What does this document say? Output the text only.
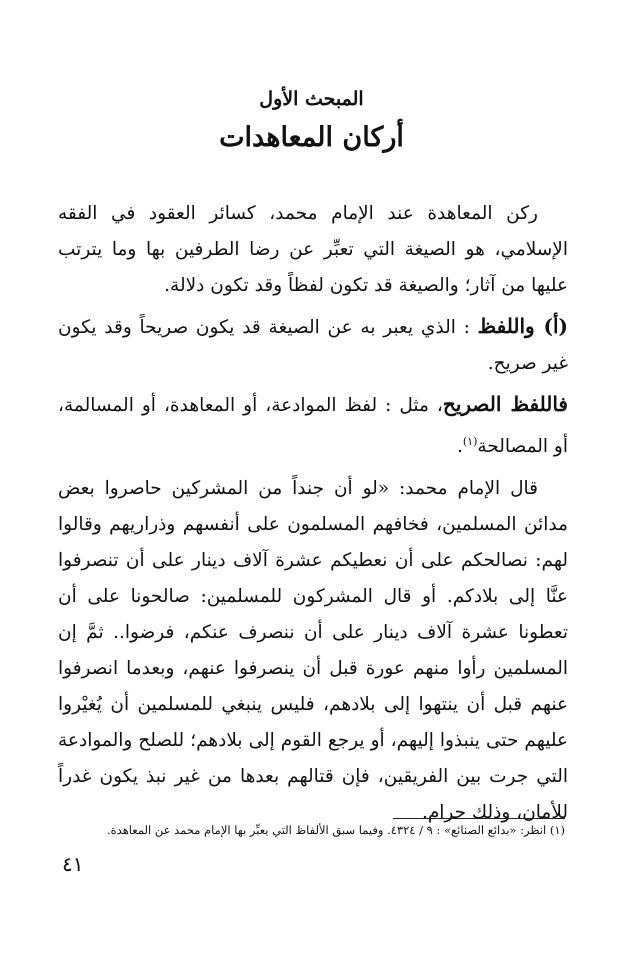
المبحث الأول
أركان المعاهدات

ركن المعاهدة عند الإمام محمد، كسائر العقود في الفقه الإسلامي، هو الصيغة التي تعبِّر عن رضا الطرفين بها وما يترتب عليها من آثار؛ والصيغة قد تكون لفظاً وقد تكون دلالة.

(أ) واللفظ : الذي يعبر به عن الصيغة قد يكون صريحاً وقد يكون غير صريح.

فاللفظ الصريح، مثل : لفظ الموادعة، أو المعاهدة، أو المسالمة، أو المصالحة$^{(١)}$.

قال الإمام محمد: «لو أن جنداً من المشركين حاصروا بعض مدائن المسلمين، فخافهم المسلمون على أنفسهم وذراريهم وقالوا لهم: نصالحكم على أن نعطيكم عشرة آلاف دينار على أن تنصرفوا عنَّا إلى بلادكم. أو قال المشركون للمسلمين: صالحونا على أن تعطونا عشرة آلاف دينار على أن ننصرف عنكم، فرضوا.. ثمَّ إن المسلمين رأوا منهم عورة قبل أن ينصرفوا عنهم، وبعدما انصرفوا عنهم قبل أن ينتهوا إلى بلادهم، فليس ينبغي للمسلمين أن يُغيْروا عليهم حتى ينبذوا إليهم، أو يرجع القوم إلى بلادهم؛ للصلح والموادعة التي جرت بين الفريقين، فإن قتالهم بعدها من غير نبذ يكون غدراً للأمان، وذلك حرام.

(١) انظر: «بدائع الصنائع» : ٩ / ٤٣٢٤. وفيما سبق الألفاظ التي يعبِّر بها الإمام محمد عن المعاهدة.
٤١
